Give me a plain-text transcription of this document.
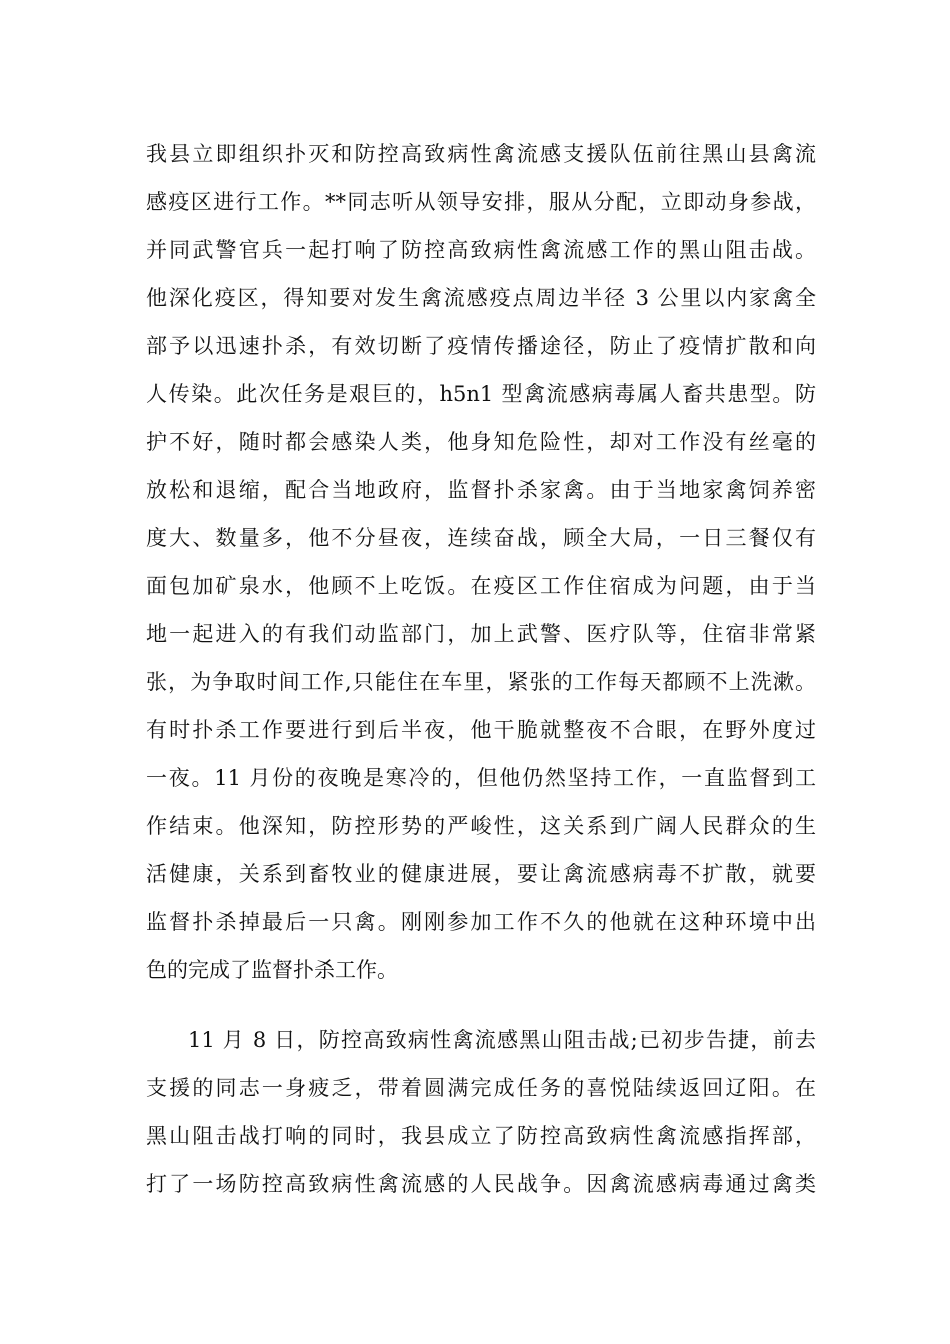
我县立即组织扑灭和防控高致病性禽流感支援队伍前往黑山县禽流
感疫区进行工作。**同志听从领导安排，服从分配，立即动身参战，
并同武警官兵一起打响了防控高致病性禽流感工作的黑山阻击战。
他深化疫区，得知要对发生禽流感疫点周边半径 3 公里以内家禽全
部予以迅速扑杀，有效切断了疫情传播途径，防止了疫情扩散和向
人传染。此次任务是艰巨的，h5n1 型禽流感病毒属人畜共患型。防
护不好，随时都会感染人类，他身知危险性，却对工作没有丝毫的
放松和退缩，配合当地政府，监督扑杀家禽。由于当地家禽饲养密
度大、数量多，他不分昼夜，连续奋战，顾全大局，一日三餐仅有
面包加矿泉水，他顾不上吃饭。在疫区工作住宿成为问题，由于当
地一起进入的有我们动监部门，加上武警、医疗队等，住宿非常紧
张，为争取时间工作,只能住在车里，紧张的工作每天都顾不上洗漱。
有时扑杀工作要进行到后半夜，他干脆就整夜不合眼，在野外度过
一夜。11 月份的夜晚是寒冷的，但他仍然坚持工作，一直监督到工
作结束。他深知，防控形势的严峻性，这关系到广阔人民群众的生
活健康，关系到畜牧业的健康进展，要让禽流感病毒不扩散，就要
监督扑杀掉最后一只禽。刚刚参加工作不久的他就在这种环境中出
色的完成了监督扑杀工作。
11 月 8 日，防控高致病性禽流感黑山阻击战;已初步告捷，前去
支援的同志一身疲乏，带着圆满完成任务的喜悦陆续返回辽阳。在
黑山阻击战打响的同时，我县成立了防控高致病性禽流感指挥部，
打了一场防控高致病性禽流感的人民战争。因禽流感病毒通过禽类
